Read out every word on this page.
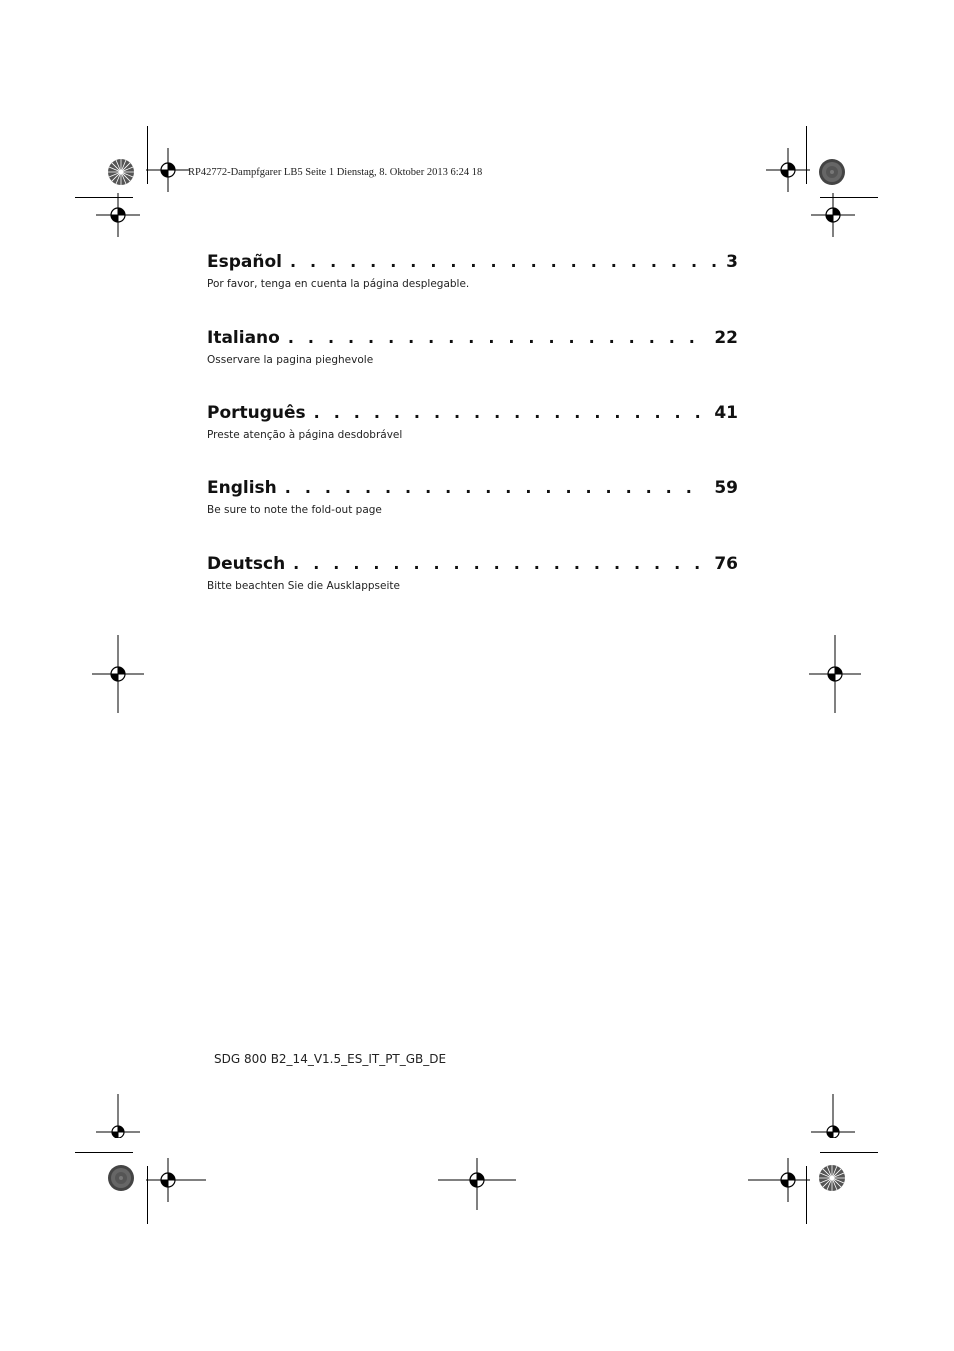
RP42772-Dampfgarer LB5 Seite 1 Dienstag, 8. Oktober 2013 6:24 18
Español . . .	3
Por favor, tenga en cuenta la página desplegable.
Italiano . . .	22
Osservare la pagina pieghevole
Português . . .	41
Preste atenção à página desdobrável
English . . .	59
Be sure to note the fold-out page
Deutsch . . .	76
Bitte beachten Sie die Ausklappseite
SDG 800 B2_14_V1.5_ES_IT_PT_GB_DE
